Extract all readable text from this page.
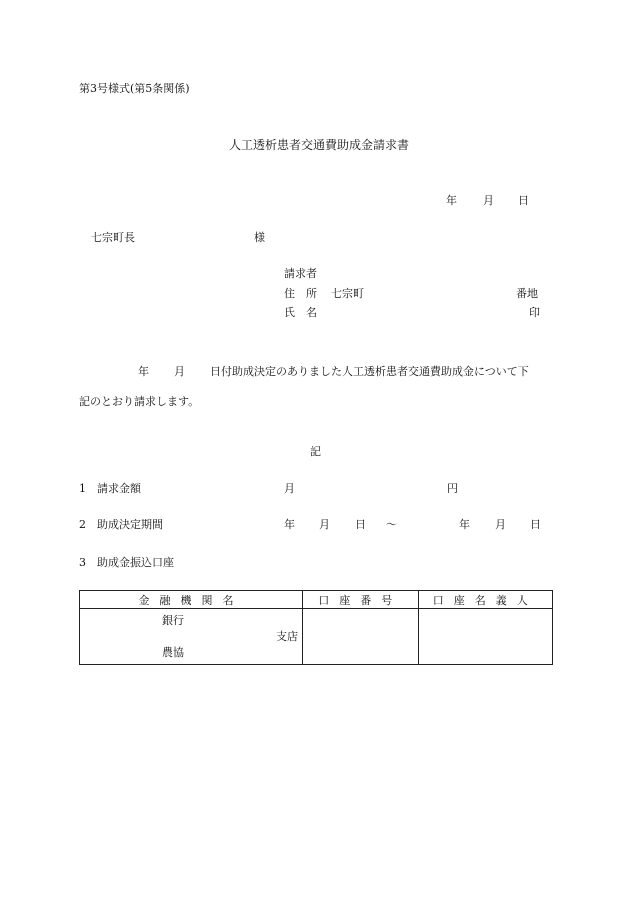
第3号様式(第5条関係)
人工透析患者交通費助成金請求書
年 月 日
七宗町長	様
請求者
住　所 七宗町	番地
氏　名	印
年 月 日付助成決定のありました人工透析患者交通費助成金について下
記のとおり請求します。
記
1 請求金額	月	円
2 助成決定期間	年 月 日 ～	年 月 日
3 助成金振込口座
金融機関名	口座番号	口座名義人

銀行
支店
農協		
